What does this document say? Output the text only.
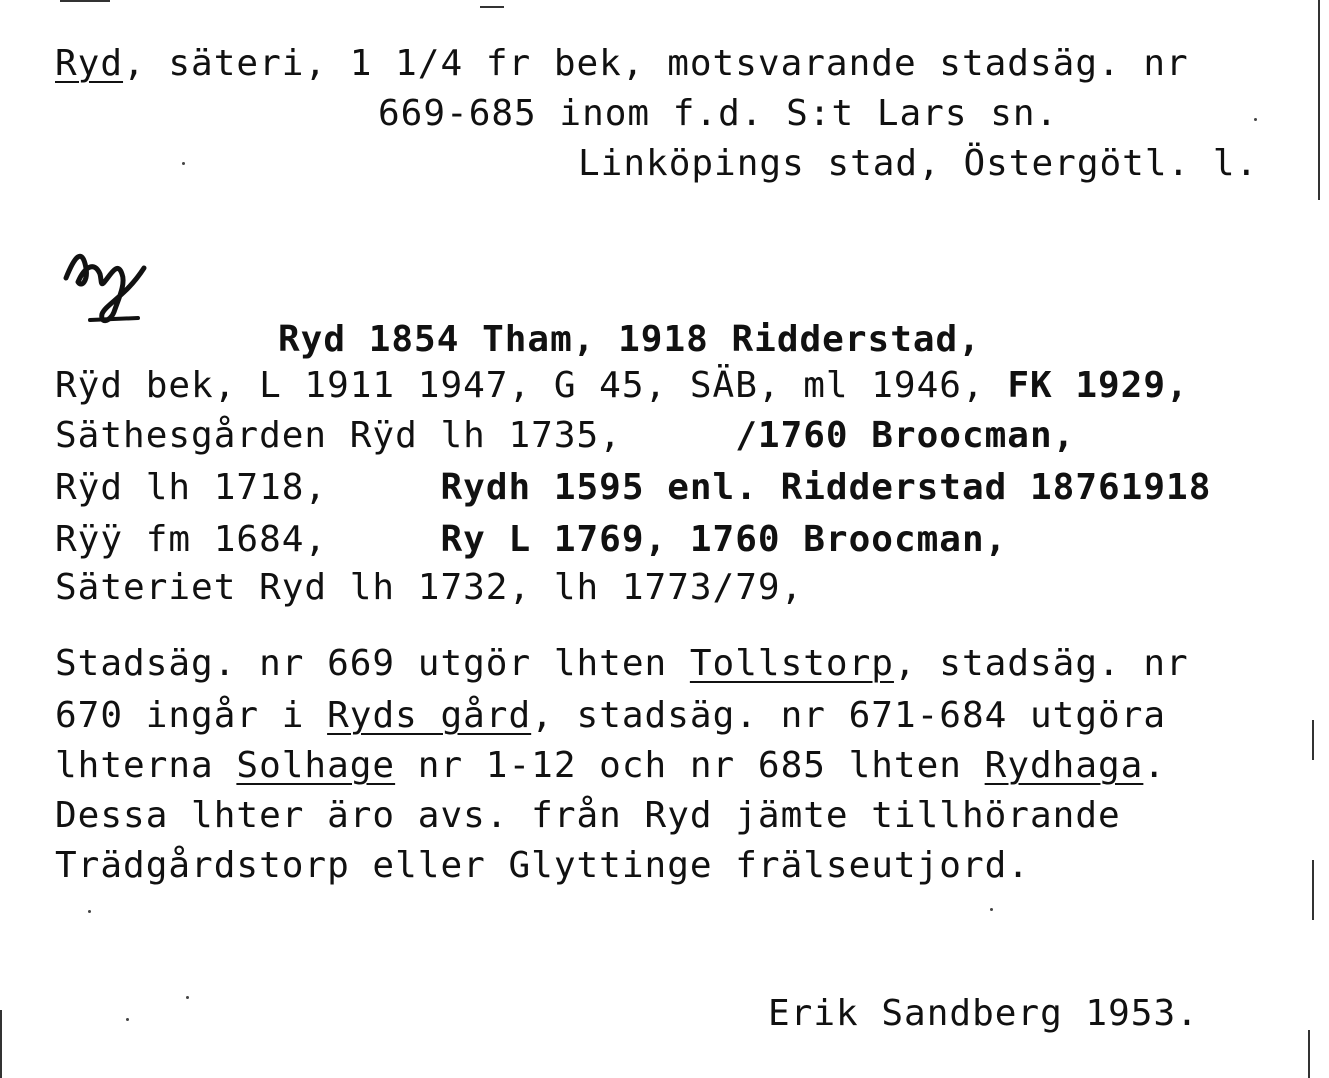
Ryd, säteri, 1 1/4 fr bek, motsvarande stadsäg. nr
669-685 inom f.d. S:t Lars sn.
Linköpings stad, Östergötl. l.
Ryd 1854 Tham, 1918 Ridderstad,
Rÿd bek, L 1911 1947, G 45, SÄB, ml 1946, FK 1929,
Säthesgården Rÿd lh 1735,     /1760 Broocman,
Rÿd lh 1718,     Rydh 1595 enl. Ridderstad 18761918
Rÿÿ fm 1684,     Ry L 1769, 1760 Broocman,
Säteriet Ryd lh 1732, lh 1773/79,
Stadsäg. nr 669 utgör lhten Tollstorp, stadsäg. nr
670 ingår i Ryds gård, stadsäg. nr 671-684 utgöra
lhterna Solhage nr 1-12 och nr 685 lhten Rydhaga.
Dessa lhter äro avs. från Ryd jämte tillhörande
Trädgårdstorp eller Glyttinge frälseutjord.
Erik Sandberg 1953.
